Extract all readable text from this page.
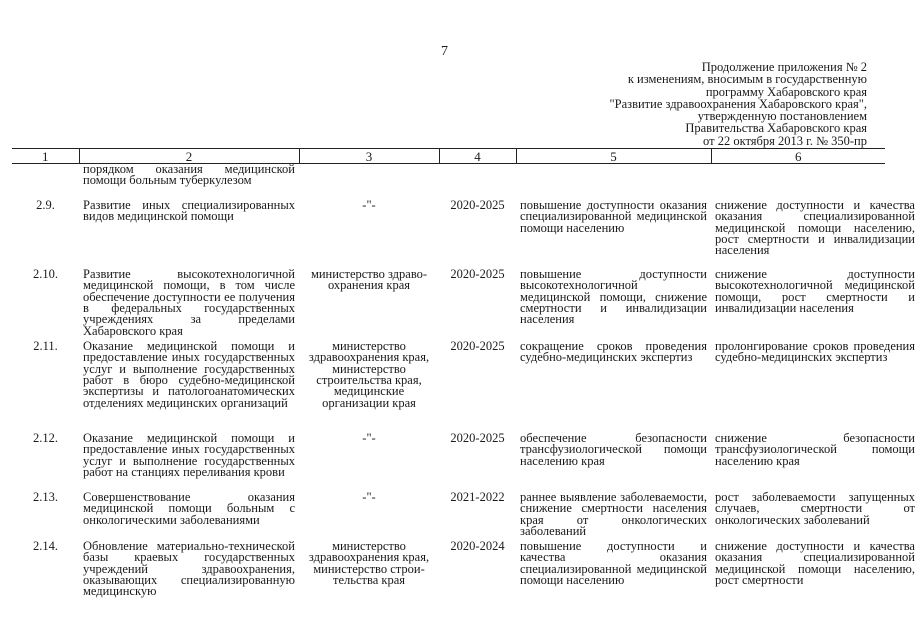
7
Продолжение приложения № 2
к изменениям, вносимым в государственную
программу Хабаровского края
"Развитие здравоохранения Хабаровского края",
утвержденную постановлением
Правительства Хабаровского края
от 22 октября 2013 г. № 350-пр
1	2	3	4	5	6
	порядком оказания медицинской помощи больным туберкулезом				
2.9.	Развитие иных специализированных видов медицинской помощи	-"-	2020-2025	повышение доступности оказания специализированной медицинской помощи населению	снижение доступности и качества оказания специализированной медицинской помощи населению, рост смертности и инвалидизации населения

2.10.	Развитие высокотехнологичной медицинской помощи, в том числе обеспечение доступности ее получения в федеральных государственных учреждениях за пределами Хабаровского края	министерство здраво-охранения края	2020-2025	повышение доступности высокотехнологичной медицинской помощи, снижение смертности и инвалидизации населения	снижение доступности высокотехнологичной медицинской помощи, рост смертности и инвалидизации населения

2.11.	Оказание медицинской помощи и предоставление иных государственных услуг и выполнение государственных работ в бюро судебно-медицинской экспертизы и патологоанатомических отделениях медицинских организаций	министерство здравоохранения края, министерство строительства края, медицинские организации края	2020-2025	сокращение сроков проведения судебно-медицинских экспертиз	пролонгирование сроков проведения судебно-медицинских экспертиз

2.12.	Оказание медицинской помощи и предоставление иных государственных услуг и выполнение государственных работ на станциях переливания крови	-"-	2020-2025	обеспечение безопасности трансфузиологической помощи населению края	снижение безопасности трансфузиологической помощи населению края

2.13.	Совершенствование оказания медицинской помощи больным с онкологическими заболеваниями	-"-	2021-2022	раннее выявление заболеваемости, снижение смертности населения края от онкологических заболеваний	рост заболеваемости запущенных случаев, смертности от онкологических заболеваний

2.14.	Обновление материально-технической базы краевых государственных учреждений здравоохранения, оказывающих специализированную медицинскую	министерство здравоохранения края, министерство строи-тельства края	2020-2024	повышение доступности и качества оказания специализированной медицинской помощи населению	снижение доступности и качества оказания специализированной медицинской помощи населению, рост смертности
